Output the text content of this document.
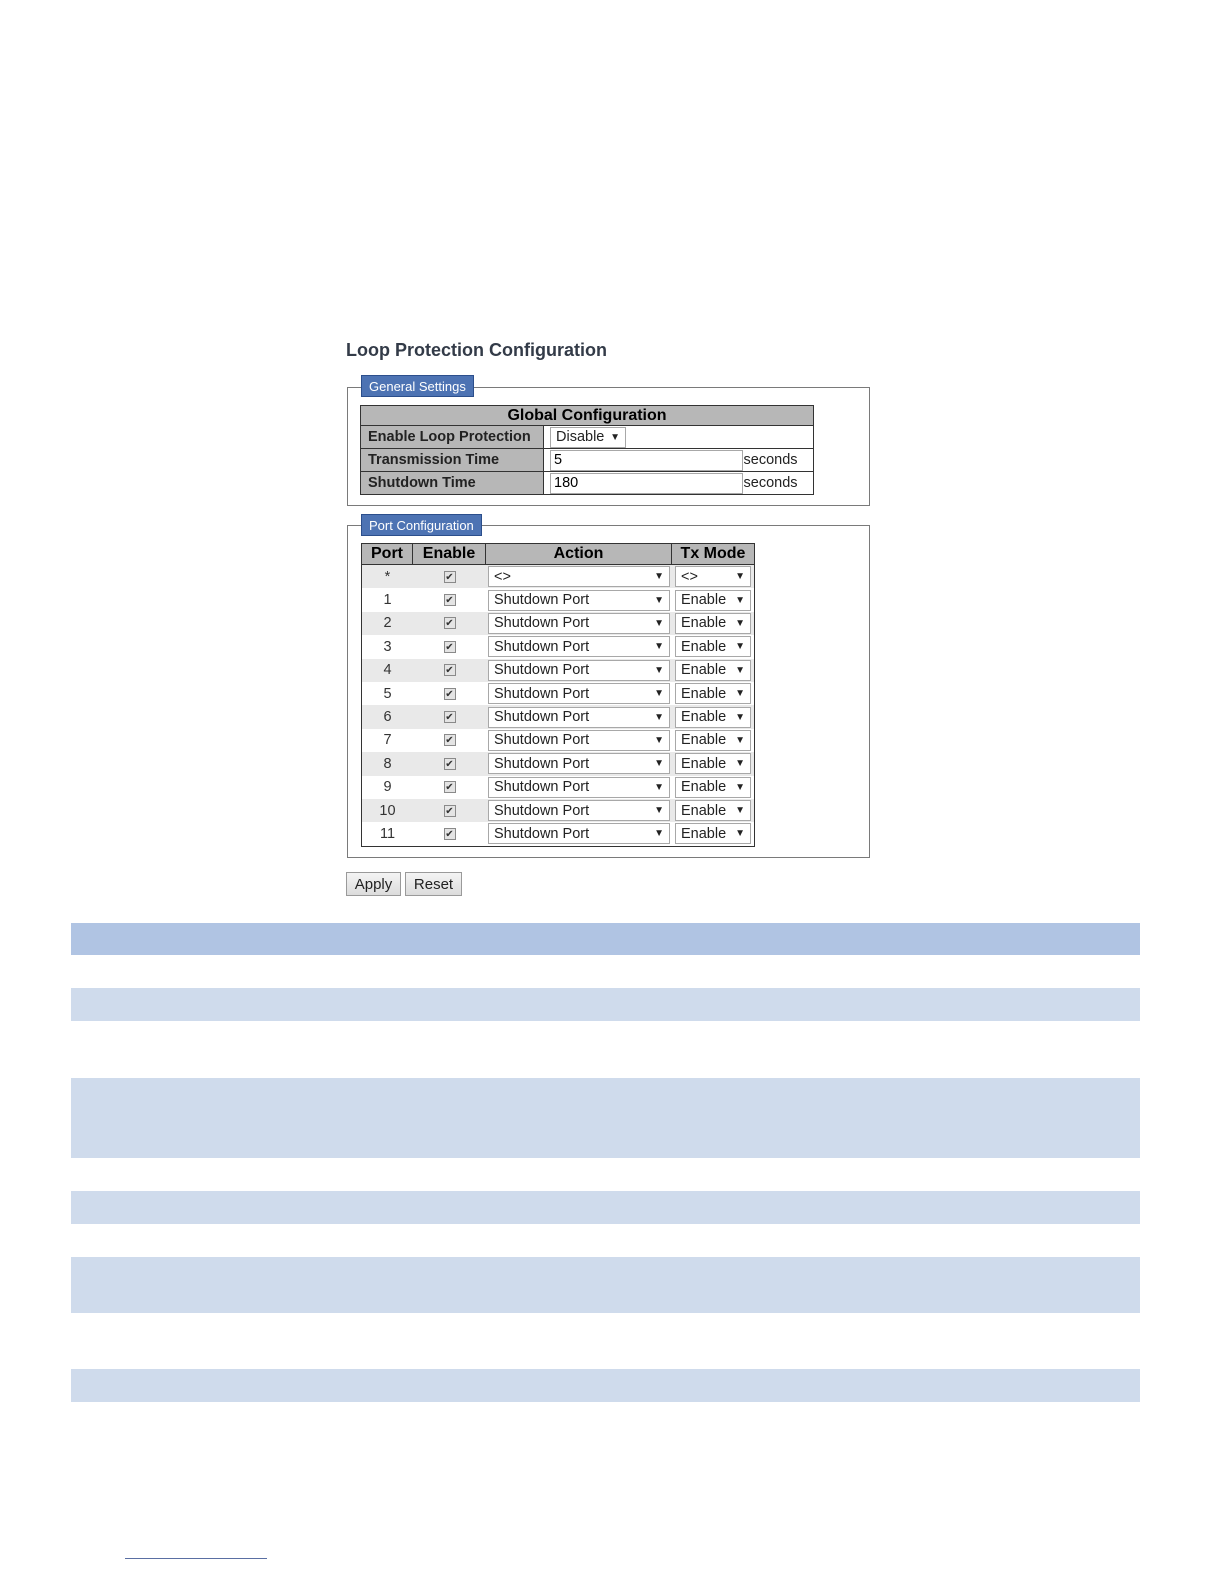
Loop Protection Configuration
General Settings
Global Configuration		
Enable Loop Protection	Disable ▼	

Transmission Time	5	seconds
Shutdown Time	180	seconds
Port Configuration
Port	Enable	Action	Tx Mode
*	✔	<>	▼ <>	▼
1	✔	Shutdown Port	▼ Enable ▼
2	✔	Shutdown Port	▼ Enable ▼
3	✔	Shutdown Port	▼ Enable ▼
4	✔	Shutdown Port	▼ Enable ▼
5	✔	Shutdown Port	▼ Enable ▼
6	✔	Shutdown Port	▼ Enable ▼
7	✔	Shutdown Port	▼ Enable ▼
8	✔	Shutdown Port	▼ Enable ▼
9	✔	Shutdown Port	▼ Enable ▼
10	✔	Shutdown Port	▼ Enable ▼
11	✔	Shutdown Port	▼ Enable ▼
Apply	Reset
